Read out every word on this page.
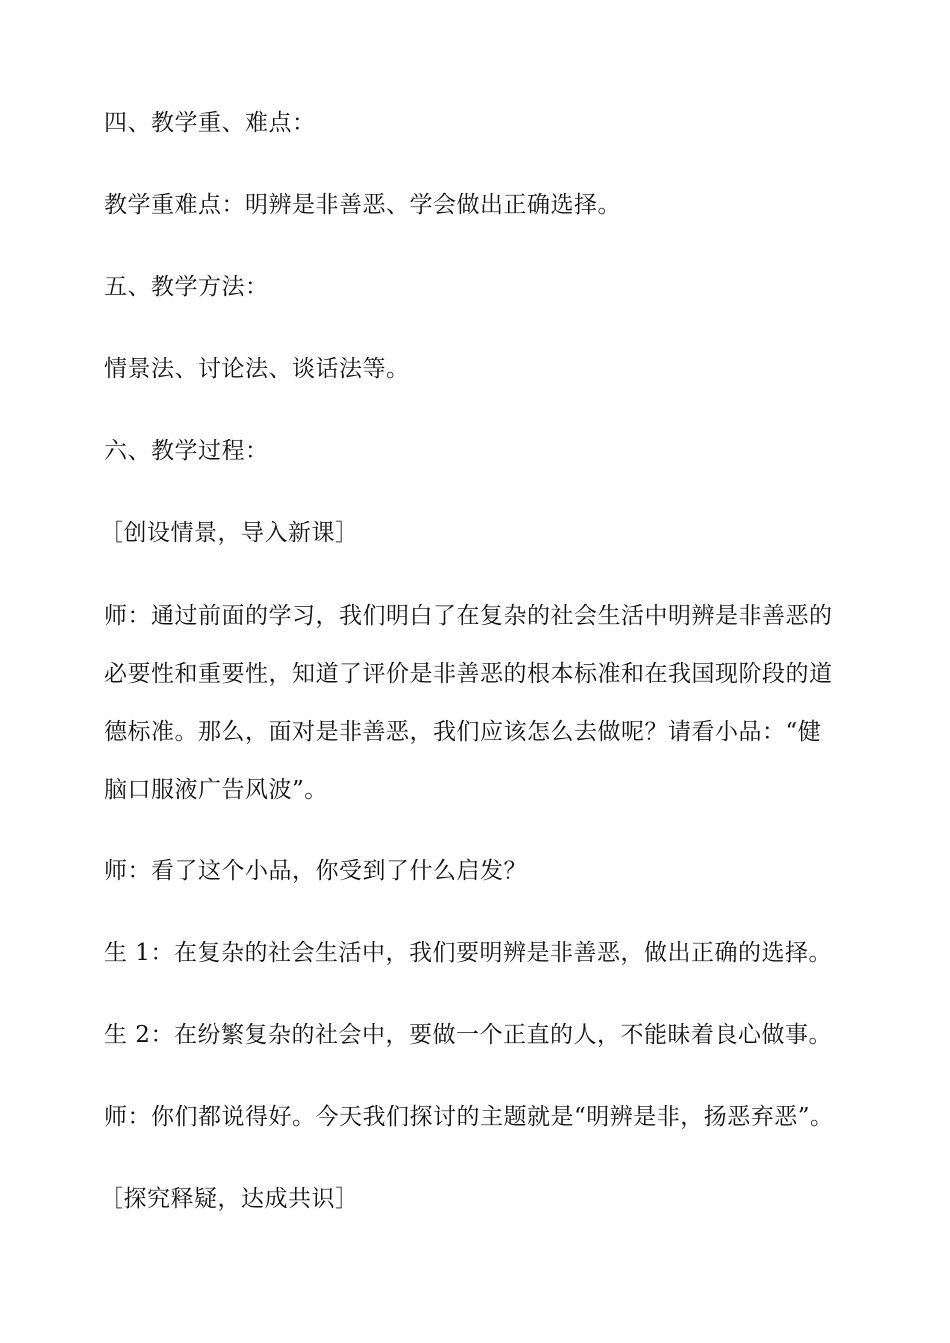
四、教学重、难点：
教学重难点：明辨是非善恶、学会做出正确选择。
五、教学方法：
情景法、讨论法、谈话法等。
六、教学过程：
［创设情景，导入新课］
师：通过前面的学习，我们明白了在复杂的社会生活中明辨是非善恶的
必要性和重要性，知道了评价是非善恶的根本标准和在我国现阶段的道
德标准。那么，面对是非善恶，我们应该怎么去做呢？请看小品：“健
脑口服液广告风波”。
师：看了这个小品，你受到了什么启发？
生 1：在复杂的社会生活中，我们要明辨是非善恶，做出正确的选择。
生 2：在纷繁复杂的社会中，要做一个正直的人，不能昧着良心做事。
师：你们都说得好。今天我们探讨的主题就是“明辨是非，扬恶弃恶”。
［探究释疑，达成共识］
